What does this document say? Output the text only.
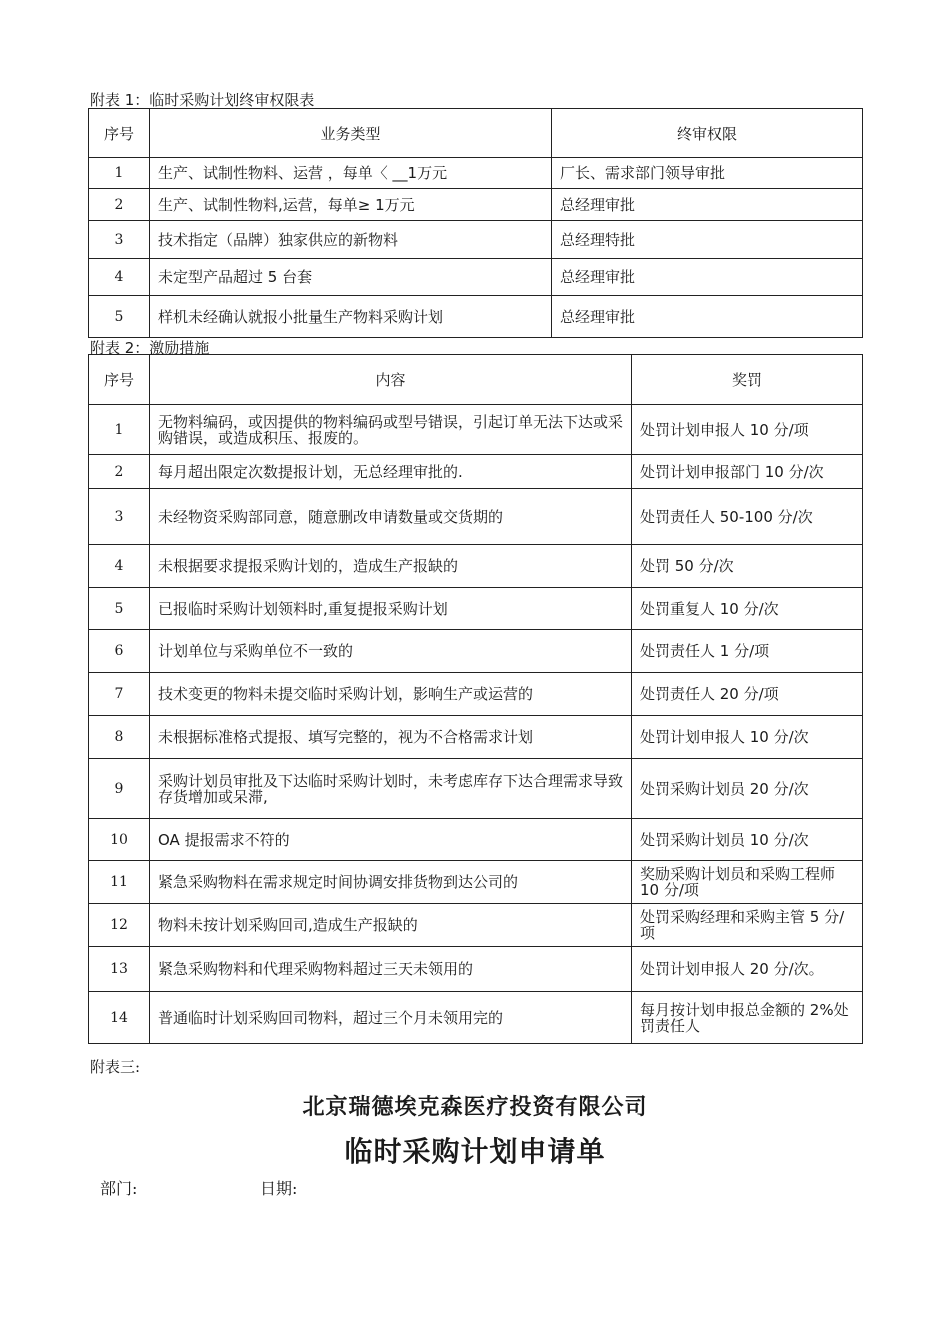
附表 1：临时采购计划终审权限表
序号	业务类型	终审权限
1	生产、试制性物料、运营 ，每单〈 __1万元	厂长、需求部门领导审批
2	生产、试制性物料,运营，每单≥ 1万元	总经理审批
3	技术指定（品牌）独家供应的新物料	总经理特批
4	未定型产品超过 5 台套	总经理审批
5	样机未经确认就报小批量生产物料采购计划	总经理审批
附表 2：激励措施
序号	内容	奖罚
1	无物料编码，或因提供的物料编码或型号错误，引起订单无法下达或采购错误，或造成积压、报废的。	处罚计划申报人 10 分/项
2	每月超出限定次数提报计划，无总经理审批的.	处罚计划申报部门 10 分/次
3	未经物资采购部同意，随意删改申请数量或交货期的	处罚责任人 50-100 分/次
4	未根据要求提报采购计划的，造成生产报缺的	处罚 50 分/次
5	已报临时采购计划领料时,重复提报采购计划	处罚重复人 10 分/次
6	计划单位与采购单位不一致的	处罚责任人 1 分/项
7	技术变更的物料未提交临时采购计划，影响生产或运营的	处罚责任人 20 分/项
8	未根据标准格式提报、填写完整的，视为不合格需求计划	处罚计划申报人 10 分/次
9	采购计划员审批及下达临时采购计划时，未考虑库存下达合理需求导致存货增加或呆滞,	处罚采购计划员 20 分/次
10	OA 提报需求不符的	处罚采购计划员 10 分/次
11	紧急采购物料在需求规定时间协调安排货物到达公司的	奖励采购计划员和采购工程师 10 分/项
12	物料未按计划采购回司,造成生产报缺的	处罚采购经理和采购主管 5 分/项
13	紧急采购物料和代理采购物料超过三天未领用的	处罚计划申报人 20 分/次。
14	普通临时计划采购回司物料，超过三个月未领用完的	每月按计划申报总金额的 2%处罚责任人
附表三:
北京瑞德埃克森医疗投资有限公司
临时采购计划申请单
部门:	日期:
